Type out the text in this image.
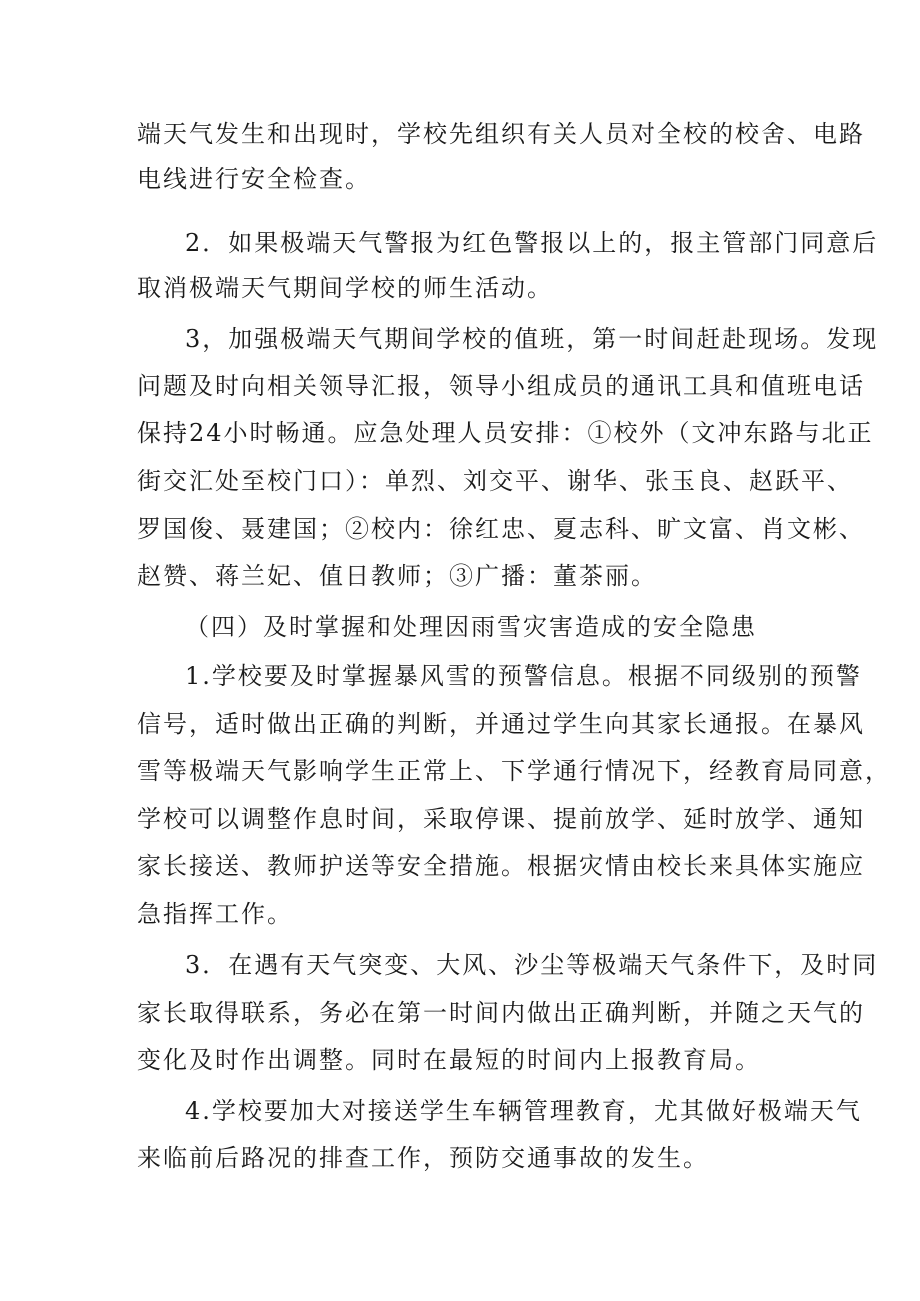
端天气发生和出现时，学校先组织有关人员对全校的校舍、电路
电线进行安全检查。
2．如果极端天气警报为红色警报以上的，报主管部门同意后
取消极端天气期间学校的师生活动。
3，加强极端天气期间学校的值班，第一时间赶赴现场。发现
问题及时向相关领导汇报，领导小组成员的通讯工具和值班电话
保持24小时畅通。应急处理人员安排：①校外（文冲东路与北正
街交汇处至校门口）：单烈、刘交平、谢华、张玉良、赵跃平、
罗国俊、聂建国；②校内：徐红忠、夏志科、旷文富、肖文彬、
赵赞、蒋兰妃、值日教师；③广播：董茶丽。
（四）及时掌握和处理因雨雪灾害造成的安全隐患
1.学校要及时掌握暴风雪的预警信息。根据不同级别的预警
信号，适时做出正确的判断，并通过学生向其家长通报。在暴风
雪等极端天气影响学生正常上、下学通行情况下，经教育局同意，
学校可以调整作息时间，采取停课、提前放学、延时放学、通知
家长接送、教师护送等安全措施。根据灾情由校长来具体实施应
急指挥工作。
3．在遇有天气突变、大风、沙尘等极端天气条件下，及时同
家长取得联系，务必在第一时间内做出正确判断，并随之天气的
变化及时作出调整。同时在最短的时间内上报教育局。
4.学校要加大对接送学生车辆管理教育，尤其做好极端天气
来临前后路况的排查工作，预防交通事故的发生。
